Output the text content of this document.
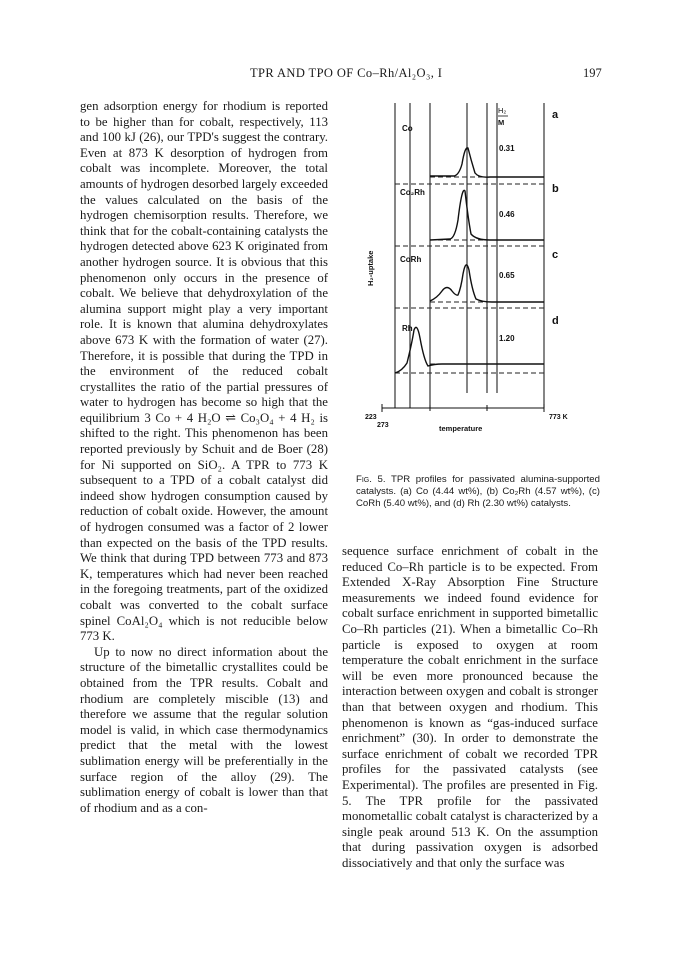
TPR AND TPO OF Co–Rh/Al₂O₃, I	197

gen adsorption energy for rhodium is reported to be higher than for cobalt, respectively, 113 and 100 kJ (26), our TPD's suggest the contrary. Even at 873 K desorption of hydrogen from cobalt was incomplete. Moreover, the total amounts of hydrogen desorbed largely exceeded the values calculated on the basis of the hydrogen chemisorption results. Therefore, we think that for the cobalt-containing catalysts the hydrogen detected above 623 K originated from another hydrogen source. It is obvious that this phenomenon only occurs in the presence of cobalt. We believe that dehydroxylation of the alumina support might play a very important role. It is known that alumina dehydroxylates above 673 K with the formation of water (27). Therefore, it is possible that during the TPD in the environment of the reduced cobalt crystallites the ratio of the partial pressures of water to hydrogen has become so high that the equilibrium 3 Co + 4 H₂O ⇌ Co₃O₄ + 4 H₂ is shifted to the right. This phenomenon has been reported previously by Schuit and de Boer (28) for Ni supported on SiO₂. A TPR to 773 K subsequent to a TPD of a cobalt catalyst did indeed show hydrogen consumption caused by reduction of cobalt oxide. However, the amount of hydrogen consumed was a factor of 2 lower than expected on the basis of the TPD results. We think that during TPD between 773 and 873 K, temperatures which had never been reached in the foregoing treatments, part of the oxidized cobalt was converted to the cobalt surface spinel CoAl₂O₄ which is not reducible below 773 K.

Up to now no direct information about the structure of the bimetallic crystallites could be obtained from the TPR results. Cobalt and rhodium are completely miscible (13) and therefore we assume that the regular solution model is valid, in which case thermodynamics predict that the metal with the lowest sublimation energy will be preferentially in the surface region of the alloy (29). The sublimation energy of cobalt is lower than that of rhodium and as a con-

a
b
c
d
Co
Co₂Rh
CoRh
Rh
H₂
M
0.31
0.46
0.65
1.20
H₂-uptake
223
273
773 K
temperature
Fig. 5. TPR profiles for passivated alumina-supported catalysts. (a) Co (4.44 wt%), (b) Co₂Rh (4.57 wt%), (c) CoRh (5.40 wt%), and (d) Rh (2.30 wt%) catalysts.

sequence surface enrichment of cobalt in the reduced Co–Rh particle is to be expected. From Extended X-Ray Absorption Fine Structure measurements we indeed found evidence for cobalt surface enrichment in supported bimetallic Co–Rh particles (21). When a bimetallic Co–Rh particle is exposed to oxygen at room temperature the cobalt enrichment in the surface will be even more pronounced because the interaction between oxygen and cobalt is stronger than that between oxygen and rhodium. This phenomenon is known as “gas-induced surface enrichment” (30). In order to demonstrate the surface enrichment of cobalt we recorded TPR profiles for the passivated catalysts (see Experimental). The profiles are presented in Fig. 5. The TPR profile for the passivated monometallic cobalt catalyst is characterized by a single peak around 513 K. On the assumption that during passivation oxygen is adsorbed dissociatively and that only the surface was
